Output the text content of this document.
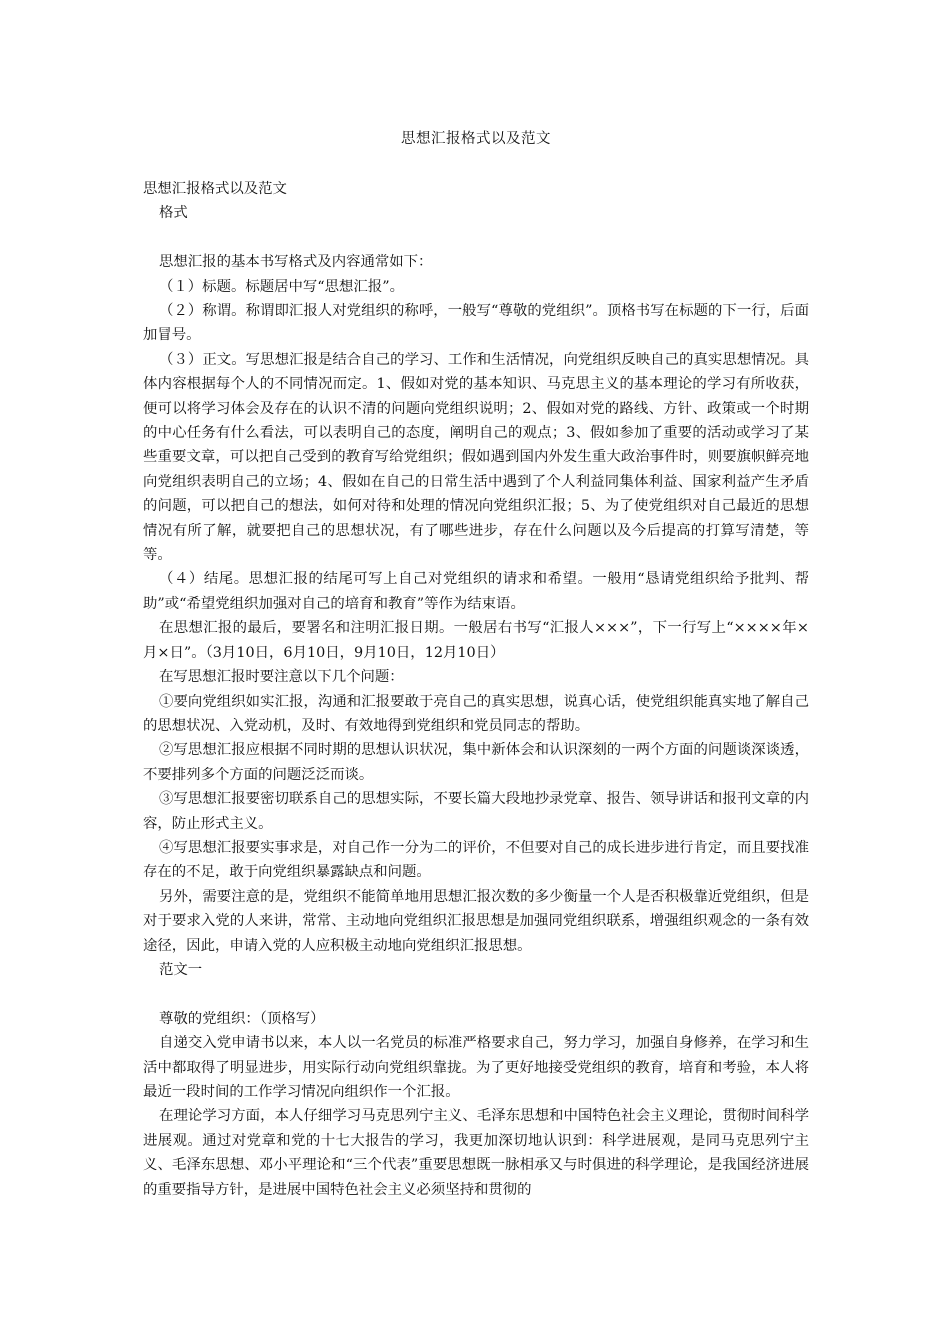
思想汇报格式以及范文

思想汇报格式以及范文

格式

思想汇报的基本书写格式及内容通常如下：

（１）标题。标题居中写“思想汇报”。

（２）称谓。称谓即汇报人对党组织的称呼，一般写“尊敬的党组织”。顶格书写在标题的下一行，后面加冒号。

（３）正文。写思想汇报是结合自己的学习、工作和生活情况，向党组织反映自己的真实思想情况。具体内容根据每个人的不同情况而定。1、假如对党的基本知识、马克思主义的基本理论的学习有所收获，便可以将学习体会及存在的认识不清的问题向党组织说明；2、假如对党的路线、方针、政策或一个时期的中心任务有什么看法，可以表明自己的态度，阐明自己的观点；3、假如参加了重要的活动或学习了某些重要文章，可以把自己受到的教育写给党组织；假如遇到国内外发生重大政治事件时，则要旗帜鲜亮地向党组织表明自己的立场；4、假如在自己的日常生活中遇到了个人利益同集体利益、国家利益产生矛盾的问题，可以把自己的想法，如何对待和处理的情况向党组织汇报；5、为了使党组织对自己最近的思想情况有所了解，就要把自己的思想状况，有了哪些进步，存在什么问题以及今后提高的打算写清楚，等等。

（４）结尾。思想汇报的结尾可写上自己对党组织的请求和希望。一般用“恳请党组织给予批判、帮助”或“希望党组织加强对自己的培育和教育”等作为结束语。

在思想汇报的最后，要署名和注明汇报日期。一般居右书写“汇报人×××”，下一行写上“××××年×月×日”。（3月10日，6月10日，9月10日，12月10日）

在写思想汇报时要注意以下几个问题：

①要向党组织如实汇报，沟通和汇报要敢于亮自己的真实思想，说真心话，使党组织能真实地了解自己的思想状况、入党动机，及时、有效地得到党组织和党员同志的帮助。

②写思想汇报应根据不同时期的思想认识状况，集中新体会和认识深刻的一两个方面的问题谈深谈透，不要排列多个方面的问题泛泛而谈。

③写思想汇报要密切联系自己的思想实际，不要长篇大段地抄录党章、报告、领导讲话和报刊文章的内容，防止形式主义。

④写思想汇报要实事求是，对自己作一分为二的评价，不但要对自己的成长进步进行肯定，而且要找准存在的不足，敢于向党组织暴露缺点和问题。

另外，需要注意的是，党组织不能简单地用思想汇报次数的多少衡量一个人是否积极靠近党组织，但是对于要求入党的人来讲，常常、主动地向党组织汇报思想是加强同党组织联系，增强组织观念的一条有效途径，因此，申请入党的人应积极主动地向党组织汇报思想。

范文一

尊敬的党组织：（顶格写）

自递交入党申请书以来，本人以一名党员的标准严格要求自己，努力学习，加强自身修养，在学习和生活中都取得了明显进步，用实际行动向党组织靠拢。为了更好地接受党组织的教育，培育和考验，本人将最近一段时间的工作学习情况向组织作一个汇报。

在理论学习方面，本人仔细学习马克思列宁主义、毛泽东思想和中国特色社会主义理论，贯彻时间科学进展观。通过对党章和党的十七大报告的学习，我更加深切地认识到：科学进展观，是同马克思列宁主义、毛泽东思想、邓小平理论和“三个代表”重要思想既一脉相承又与时俱进的科学理论，是我国经济进展的重要指导方针，是进展中国特色社会主义必须坚持和贯彻的
